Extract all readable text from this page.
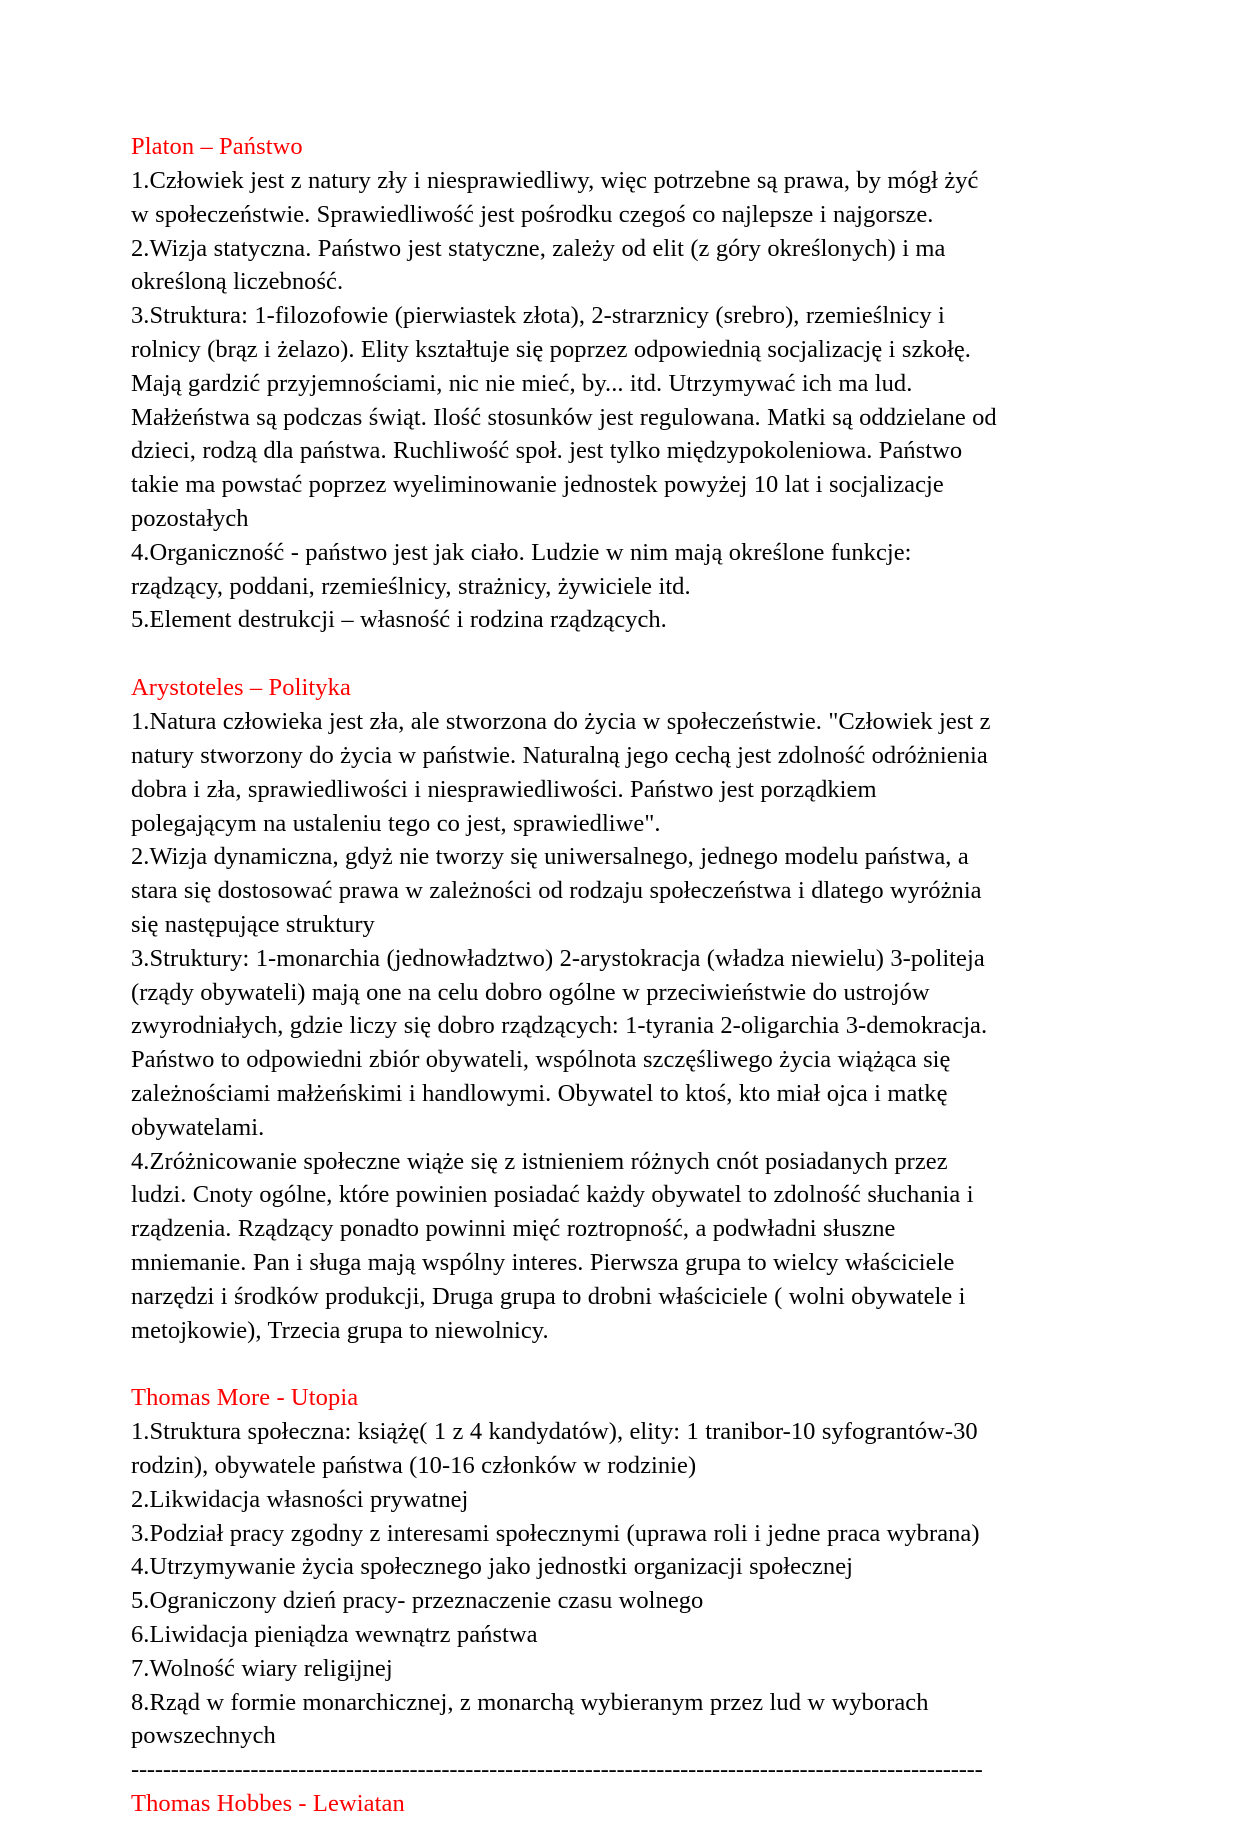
Platon – Państwo

1.Człowiek jest z natury zły i niesprawiedliwy, więc potrzebne są prawa, by mógł żyć w społeczeństwie. Sprawiedliwość jest pośrodku czegoś co najlepsze i najgorsze.

2.Wizja statyczna. Państwo jest statyczne, zależy od elit (z góry określonych) i ma określoną liczebność.

3.Struktura: 1-filozofowie (pierwiastek złota), 2-strarznicy (srebro), rzemieślnicy i rolnicy (brąz i żelazo). Elity kształtuje się poprzez odpowiednią socjalizację i szkołę. Mają gardzić przyjemnościami, nic nie mieć, by... itd. Utrzymywać ich ma lud. Małżeństwa są podczas świąt. Ilość stosunków jest regulowana. Matki są oddzielane od dzieci, rodzą dla państwa. Ruchliwość społ. jest tylko międzypokoleniowa. Państwo takie ma powstać poprzez wyeliminowanie jednostek powyżej 10 lat i socjalizacje pozostałych

4.Organiczność - państwo jest jak ciało. Ludzie w nim mają określone funkcje: rządzący, poddani, rzemieślnicy, strażnicy, żywiciele itd.

5.Element destrukcji – własność i rodzina rządzących.

Arystoteles – Polityka

1.Natura człowieka jest zła, ale stworzona do życia w społeczeństwie. "Człowiek jest z natury stworzony do życia w państwie. Naturalną jego cechą jest zdolność odróżnienia dobra i zła, sprawiedliwości i niesprawiedliwości. Państwo jest porządkiem polegającym na ustaleniu tego co jest, sprawiedliwe".

2.Wizja dynamiczna, gdyż nie tworzy się uniwersalnego, jednego modelu państwa, a stara się dostosować prawa w zależności od rodzaju społeczeństwa i dlatego wyróżnia się następujące struktury

3.Struktury: 1-monarchia (jednowładztwo) 2-arystokracja (władza niewielu) 3-politeja (rządy obywateli) mają one na celu dobro ogólne w przeciwieństwie do ustrojów zwyrodniałych, gdzie liczy się dobro rządzących: 1-tyrania 2-oligarchia 3-demokracja.

Państwo to odpowiedni zbiór obywateli, wspólnota szczęśliwego życia wiążąca się zależnościami małżeńskimi i handlowymi. Obywatel to ktoś, kto miał ojca i matkę obywatelami.

4.Zróżnicowanie społeczne wiąże się z istnieniem różnych cnót posiadanych przez ludzi. Cnoty ogólne, które powinien posiadać każdy obywatel to zdolność słuchania i rządzenia. Rządzący ponadto powinni mięć roztropność, a podwładni słuszne mniemanie. Pan i sługa mają wspólny interes. Pierwsza grupa to wielcy właściciele narzędzi i środków produkcji, Druga grupa to drobni właściciele ( wolni obywatele i metojkowie), Trzecia grupa to niewolnicy.

Thomas More - Utopia

1.Struktura społeczna: książę( 1 z 4 kandydatów), elity: 1 tranibor-10 syfograntów-30 rodzin), obywatele państwa (10-16 członków w rodzinie)

2.Likwidacja własności prywatnej

3.Podział pracy zgodny z interesami społecznymi (uprawa roli i jedne praca wybrana)

4.Utrzymywanie życia społecznego jako jednostki organizacji społecznej

5.Ograniczony dzień pracy- przeznaczenie czasu wolnego

6.Liwidacja pieniądza wewnątrz państwa

7.Wolność wiary religijnej

8.Rząd w formie monarchicznej, z monarchą wybieranym przez lud w wyborach powszechnych

-----------------------------------------------------------------------------------------------------------
Thomas Hobbes - Lewiatan
